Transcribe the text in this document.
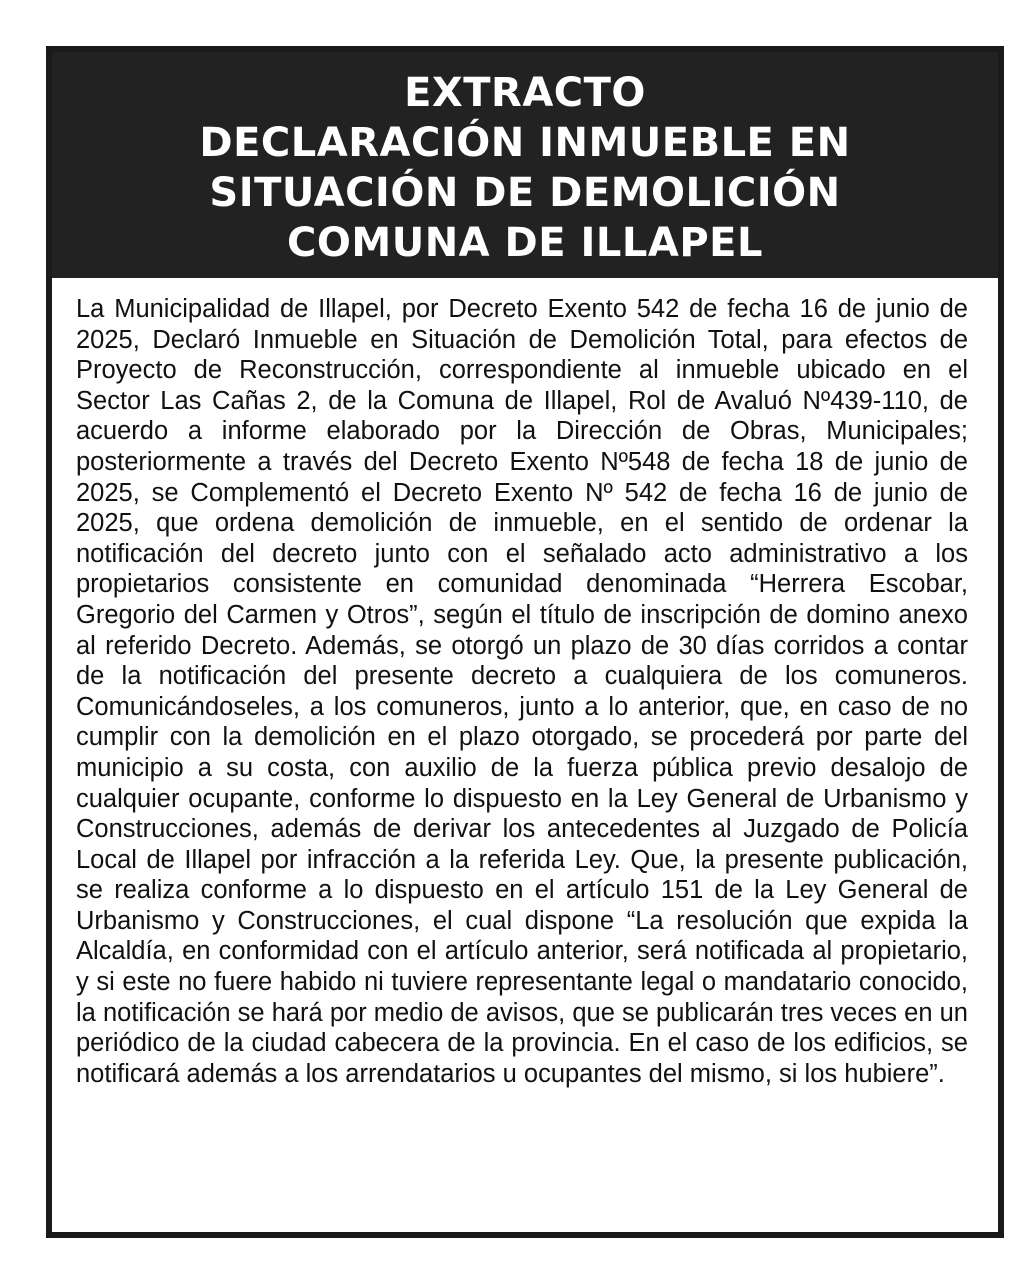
EXTRACTO
DECLARACIÓN INMUEBLE EN
SITUACIÓN DE DEMOLICIÓN
COMUNA DE ILLAPEL
La Municipalidad de Illapel, por Decreto Exento 542 de fecha 16 de junio de 2025, Declaró Inmueble en Situación de Demolición Total, para efectos de Proyecto de Reconstrucción, correspondiente al inmueble ubicado en el Sector Las Cañas 2, de la Comuna de Illapel, Rol de Avaluó Nº439-110, de acuerdo a informe elaborado por la Dirección de Obras, Municipales; posteriormente a través del Decreto Exento Nº548 de fecha 18 de junio de 2025, se Complementó el Decreto Exento Nº 542 de fecha 16 de junio de 2025, que ordena demolición de inmueble, en el sentido de ordenar la notificación del decreto junto con el señalado acto administrativo a los propietarios consistente en comunidad denominada “Herrera Escobar, Gregorio del Carmen y Otros”, según el título de inscripción de domino anexo al referido Decreto. Además, se otorgó un plazo de 30 días corridos a contar de la notificación del presente decreto a cualquiera de los comuneros. Comunicándoseles, a los comuneros, junto a lo anterior, que, en caso de no cumplir con la demolición en el plazo otorgado, se procederá por parte del municipio a su costa, con auxilio de la fuerza pública previo desalojo de cualquier ocupante, conforme lo dispuesto en la Ley General de Urbanismo y Construcciones, además de derivar los antecedentes al Juzgado de Policía Local de Illapel por infracción a la referida Ley. Que, la presente publicación, se realiza conforme a lo dispuesto en el artículo 151 de la Ley General de Urbanismo y Construcciones, el cual dispone “La resolución que expida la Alcaldía, en conformidad con el artículo anterior, será notificada al propietario, y si este no fuere habido ni tuviere representante legal o mandatario conocido, la notificación se hará por medio de avisos, que se publicarán tres veces en un periódico de la ciudad cabecera de la provincia. En el caso de los edificios, se notificará además a los arrendatarios u ocupantes del mismo, si los hubiere”.
